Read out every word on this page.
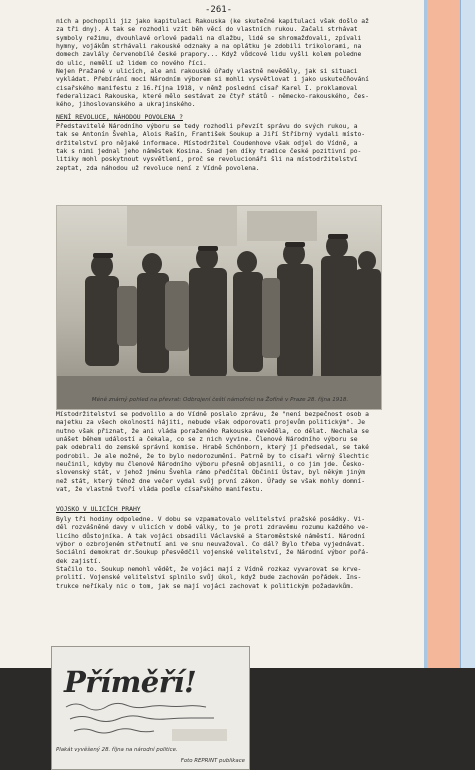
-261-
nich a pochopili jiz jako kapitulaci Rakouska (ke skutečné kapitulaci však došlo až
za tři dny). A tak se rozhodli vzít běh věcí do vlastních rukou. Začali strhávat
symboly režimu, dvouhlavé orlové padali na dlažbu, lidé se shromažďovali, zpívali
hymny, vojákům strhávali rakouské odznaky a na oplátku je zdobili trikolorami, na
domech zavlály červenobílé české prapory... Když vůdcové lidu vyšli kolem poledne
do ulic, nemělí už lidem co nového říci.
Nejen Pražané v ulicích, ale ani rakouské úřady vlastně nevěděly, jak si situaci
vykládat. Přebírání moci Národním výborem si mohli vysvětlovat i jako uskutečňování
cisařského manifestu z 16.října 1918, v němž poslední císař Karel I. proklamoval
federalizaci Rakouska, které mělo sestávat ze čtyř států - německo-rakouského, čes-
kého, jihoslovanského a ukrajinského.
NENÍ REVOLUCE, NÁHODOU POVOLENA ?
Představitelé Národního výboru se tedy rozhodli převzít správu do svých rukou, a
tak se Antonín Švehla, Alois Rašín, František Soukup a Jiří Stříbrný vydali místo-
držitelství pro nějaké informace. Místodržitel Coudenhove však odjel do Vídně, a
tak s nimi jednal jeho náměstek Kosina. Snad jen díky tradice české pozitivní po-
litiky mohl poskytnout vysvětlení, proč se revolucionáři šli na místodržitelství
zeptat, zda náhodou už revoluce není z Vídně povolena.
Méně známý pohled na převrat: Odbrojení čeští námořníci na Žofíně v Praze 28. října 1918.
Místodržitelství se podvolilo a do Vídně poslalo zprávu, že "není bezpečnost osob a
majetku za všech okolností hájiti, nebude však odporovati projevům politickým". Je
nutno však přiznat, že ani vláda poraženého Rakouska nevěděla, co dělat. Nechala se
unášet během událostí a čekala, co se z nich vyvine. Členové Národního výboru se
pak odebrali do zemské správní komise. Hrabě Schönborn, který jí předsedal, se také
podrobil. Je ale možné, že to bylo nedorozumění. Patrně by to císaři věrný šlechtic
neučinil, kdyby mu členové Národního výboru přesně objasnili, o co jim jde. Česko-
slovenský stát, v jehož jménu Švehla rámo předčítal Občinií Ústav, byl někým jiným
než stát, který téhož dne večer vydal svůj první zákon. Úřady se však mohly domní-
vat, že vlastně tvoří vláda podle císařského manifestu.
VOJSKO V ULICÍCH PRAHY
Byly tři hodiny odpoledne. V dobu se vzpamatovalo velitelství pražské posádky. Vi-
děl rozvášněné davy v ulicích v době války, to je proti zdravému rozumu každého ve-
licího důstojníka. A tak vojáci obsadili Václavské a Staroměstské náměstí. Národní
výbor o ozbrojeném střetnutí ani ve snu neuvažoval. Co dál? Bylo třeba vyjednávat.
Sociální demokrat dr.Soukup přesvědčil vojenské velitelství, že Národní výbor pořá-
dek zajistí.
Stačilo to. Soukup nemohl vědět, že vojáci mají z Vídně rozkaz vyvarovat se krve-
prolití. Vojenské velitelství splnilo svůj úkol, když bude zachován pořádek. Ins-
trukce neříkaly nic o tom, jak se mají vojáci zachovat k politickým požadavkům.
Příměří!
Plakát vyvěšený 28. října na národní politice.
Foto REPRINT publikace
